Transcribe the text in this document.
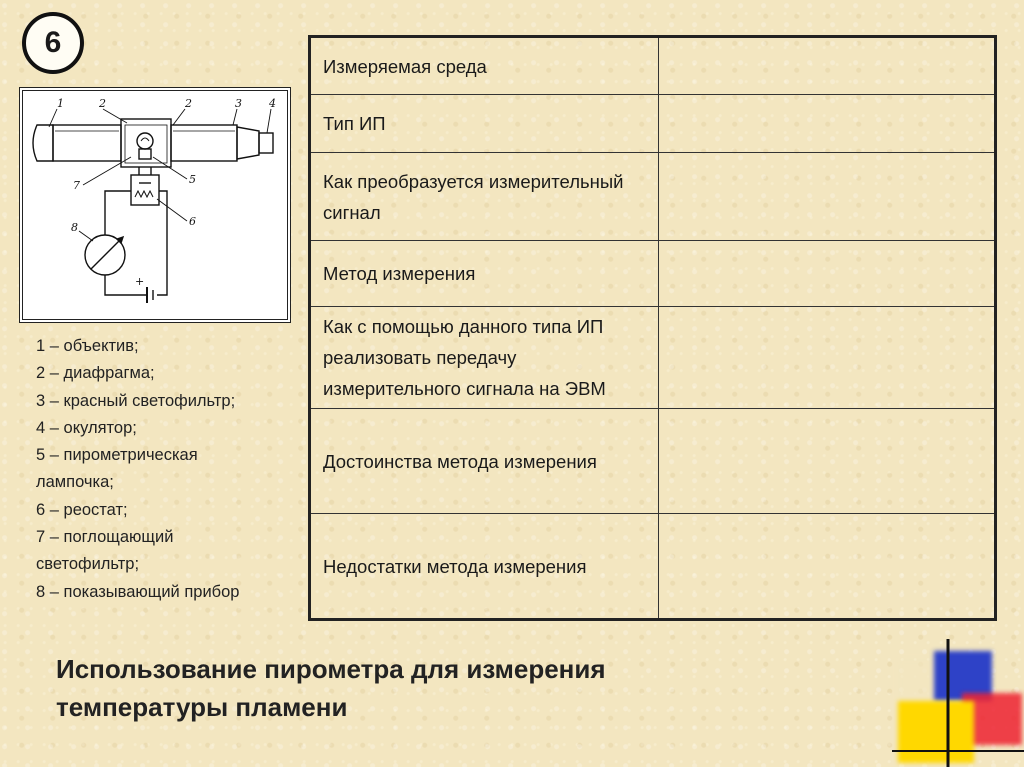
6
1	2	2	3 4
5
6
7
8
+
1 – объектив;
2 – диафрагма;
3 – красный светофильтр;
4 – окулятор;
5 – пирометрическая
лампочка;
6 – реостат;
7 – поглощающий
светофильтр;
8 – показывающий прибор
Измеряемая среда	
Тип ИП	
Как преобразуется измерительный сигнал	
Метод измерения	
Как с помощью данного типа ИП реализовать передачу измерительного сигнала на ЭВМ	
Достоинства метода измерения	
Недостатки метода измерения	
Использование пирометра для измерения
температуры пламени
